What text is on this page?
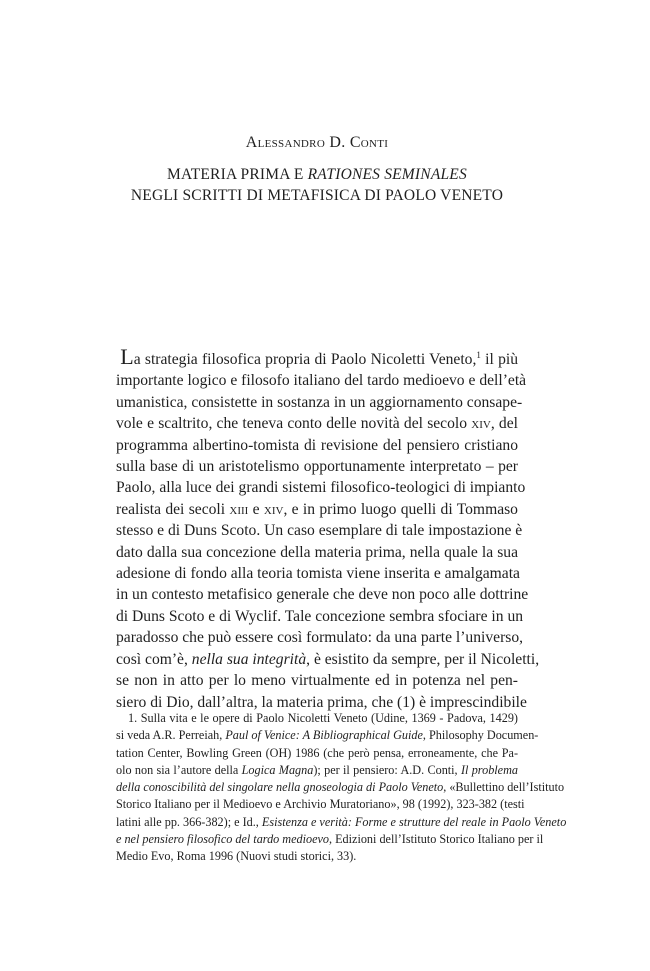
Alessandro D. Conti
MATERIA PRIMA E RATIONES SEMINALES
NEGLI SCRITTI DI METAFISICA DI PAOLO VENETO
La strategia filosofica propria di Paolo Nicoletti Veneto,$^1$ il più
importante logico e filosofo italiano del tardo medioevo e dell’età
umanistica, consistette in sostanza in un aggiornamento consape-
vole e scaltrito, che teneva conto delle novità del secolo xiv, del
programma albertino-tomista di revisione del pensiero cristiano
sulla base di un aristotelismo opportunamente interpretato – per
Paolo, alla luce dei grandi sistemi filosofico-teologici di impianto
realista dei secoli xiii e xiv, e in primo luogo quelli di Tommaso
stesso e di Duns Scoto. Un caso esemplare di tale impostazione è
dato dalla sua concezione della materia prima, nella quale la sua
adesione di fondo alla teoria tomista viene inserita e amalgamata
in un contesto metafisico generale che deve non poco alle dottrine
di Duns Scoto e di Wyclif. Tale concezione sembra sfociare in un
paradosso che può essere così formulato: da una parte l’universo,
così com’è, nella sua integrità, è esistito da sempre, per il Nicoletti,
se non in atto per lo meno virtualmente ed in potenza nel pen-
siero di Dio, dall’altra, la materia prima, che (1) è imprescindibile
1. Sulla vita e le opere di Paolo Nicoletti Veneto (Udine, 1369 - Padova, 1429)
si veda A.R. Perreiah, Paul of Venice: A Bibliographical Guide, Philosophy Documen-
tation Center, Bowling Green (OH) 1986 (che però pensa, erroneamente, che Pa-
olo non sia l’autore della Logica Magna); per il pensiero: A.D. Conti, Il problema
della conoscibilità del singolare nella gnoseologia di Paolo Veneto, «Bullettino dell’Istituto
Storico Italiano per il Medioevo e Archivio Muratoriano», 98 (1992), 323-382 (testi
latini alle pp. 366-382); e Id., Esistenza e verità: Forme e strutture del reale in Paolo Veneto
e nel pensiero filosofico del tardo medioevo, Edizioni dell’Istituto Storico Italiano per il
Medio Evo, Roma 1996 (Nuovi studi storici, 33).
